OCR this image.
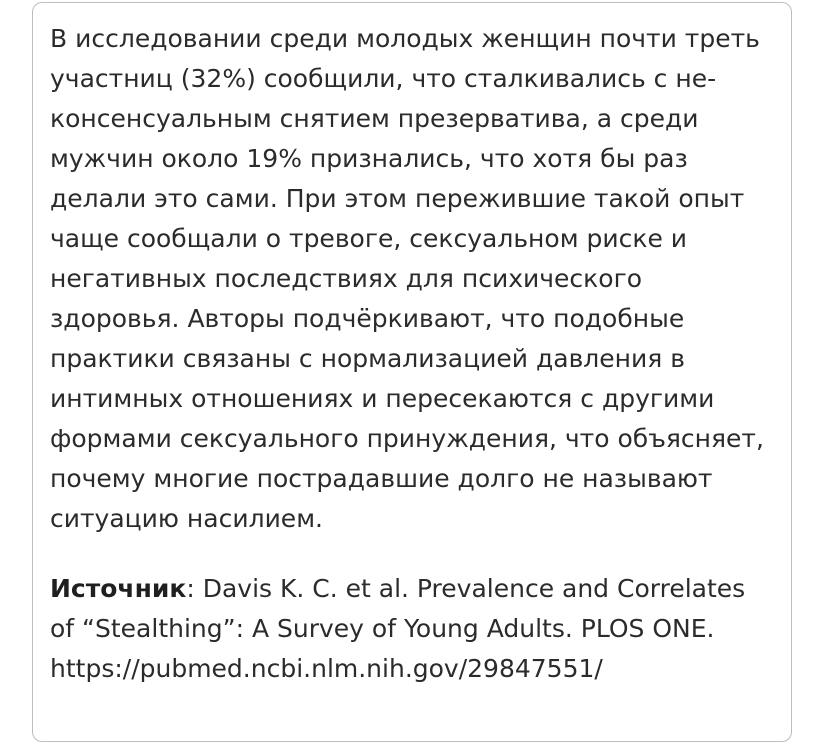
В исследовании среди молодых женщин почти треть
участниц (32%) сообщили, что сталкивались с не-
консенсуальным снятием презерватива, а среди
мужчин около 19% признались, что хотя бы раз
делали это сами. При этом пережившие такой опыт
чаще сообщали о тревоге, сексуальном риске и
негативных последствиях для психического
здоровья. Авторы подчёркивают, что подобные
практики связаны с нормализацией давления в
интимных отношениях и пересекаются с другими
формами сексуального принуждения, что объясняет,
почему многие пострадавшие долго не называют
ситуацию насилием.

Источник: Davis K. C. et al. Prevalence and Correlates
of “Stealthing”: A Survey of Young Adults. PLOS ONE.
https://pubmed.ncbi.nlm.nih.gov/29847551/
